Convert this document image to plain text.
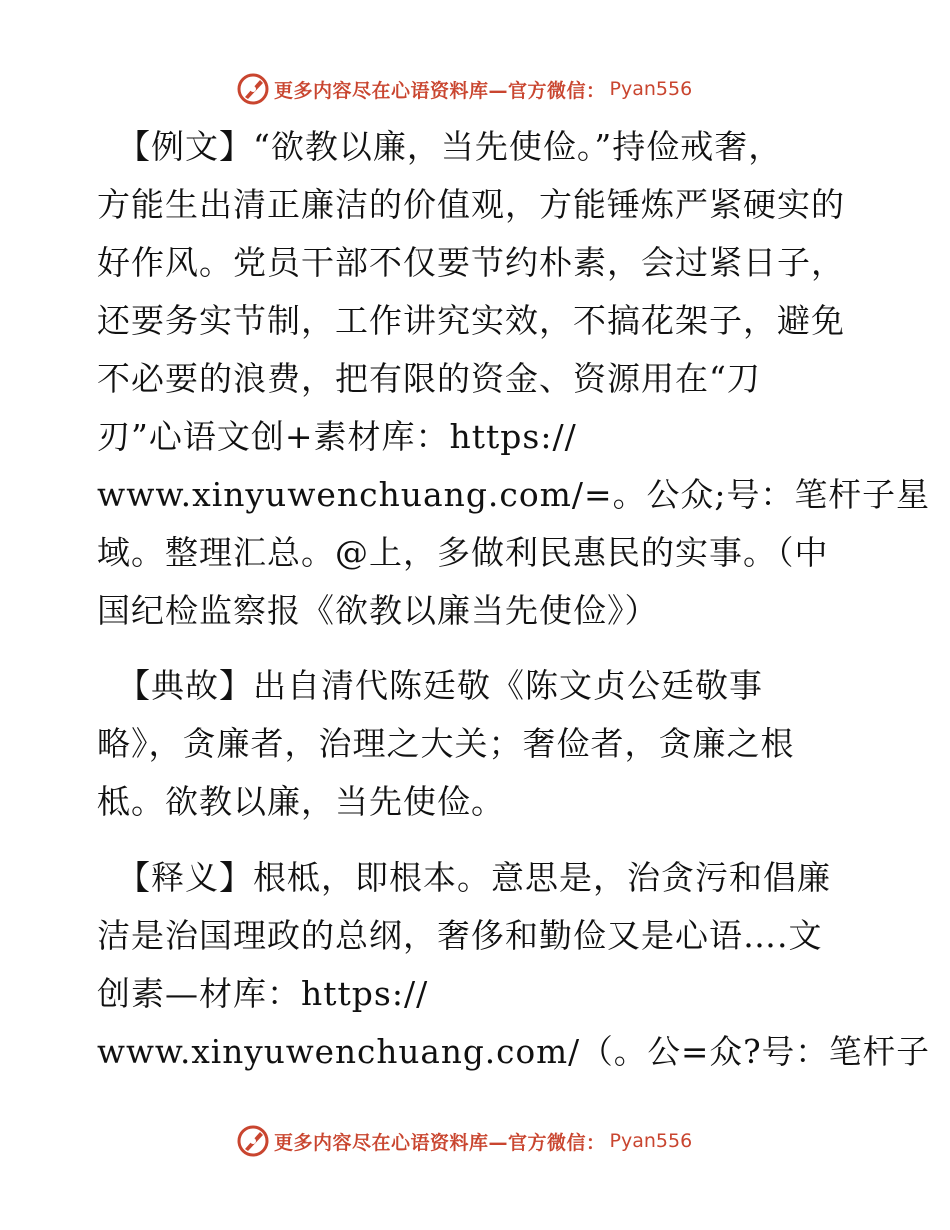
更多内容尽在心语资料库—官方微信： Pyan556
【例文】“欲教以廉，当先使俭。”持俭戒奢，
方能生出清正廉洁的价值观，方能锤炼严紧硬实的
好作风。党员干部不仅要节约朴素，会过紧日子，
还要务实节制，工作讲究实效，不搞花架子，避免
不必要的浪费，把有限的资金、资源用在“刀
刃”心语文创+素材库：https://
www.xinyuwenchuang.com/=。公众;号：笔杆子星
域。整理汇总。@上，多做利民惠民的实事。（中
国纪检监察报《欲教以廉当先使俭》）
【典故】出自清代陈廷敬《陈文贞公廷敬事
略》，贪廉者，治理之大关；奢俭者，贪廉之根
柢。欲教以廉，当先使俭。
【释义】根柢，即根本。意思是，治贪污和倡廉
洁是治国理政的总纲，奢侈和勤俭又是心语….文
创素—材库：https://
www.xinyuwenchuang.com/（。公=众?号：笔杆子
更多内容尽在心语资料库—官方微信： Pyan556
